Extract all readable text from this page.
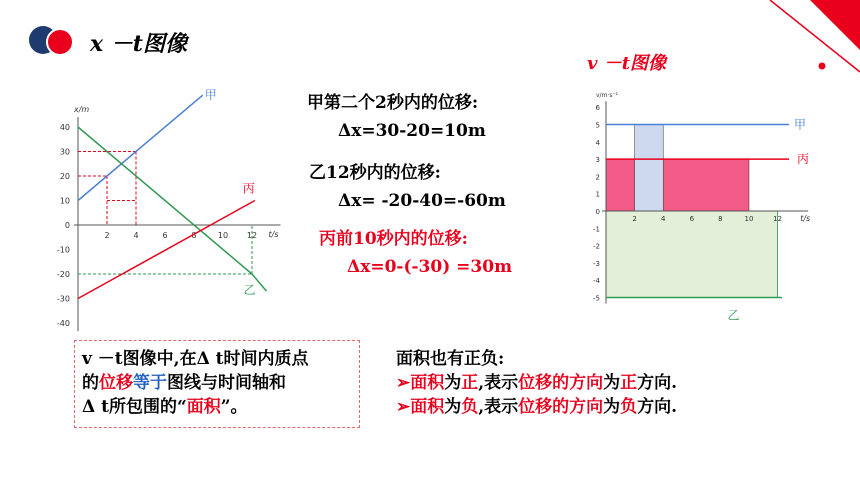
x －t图像
v －t图像
x/m
t/s
40
30
20
10
0
-10
-20
-30
-40
2	4	6	8	10 12
甲
丙
乙
v/m·s⁻¹
t/s
6
5
4
3
2
1
0
-1
-2
-3
-4
-5
2	4	6	8	10	12
甲
丙
乙
甲第二个2秒内的位移:
Δx=30-20=10m
乙12秒内的位移:
Δx= -20-40=-60m
丙前10秒内的位移:
Δx=0-(-30) =30m
v －t图像中,在Δ t时间内质点
的位移等于图线与时间轴和
Δ t所包围的“面积”。
面积也有正负:
➢面积为正,表示位移的方向为正方向.
➢面积为负,表示位移的方向为负方向.
